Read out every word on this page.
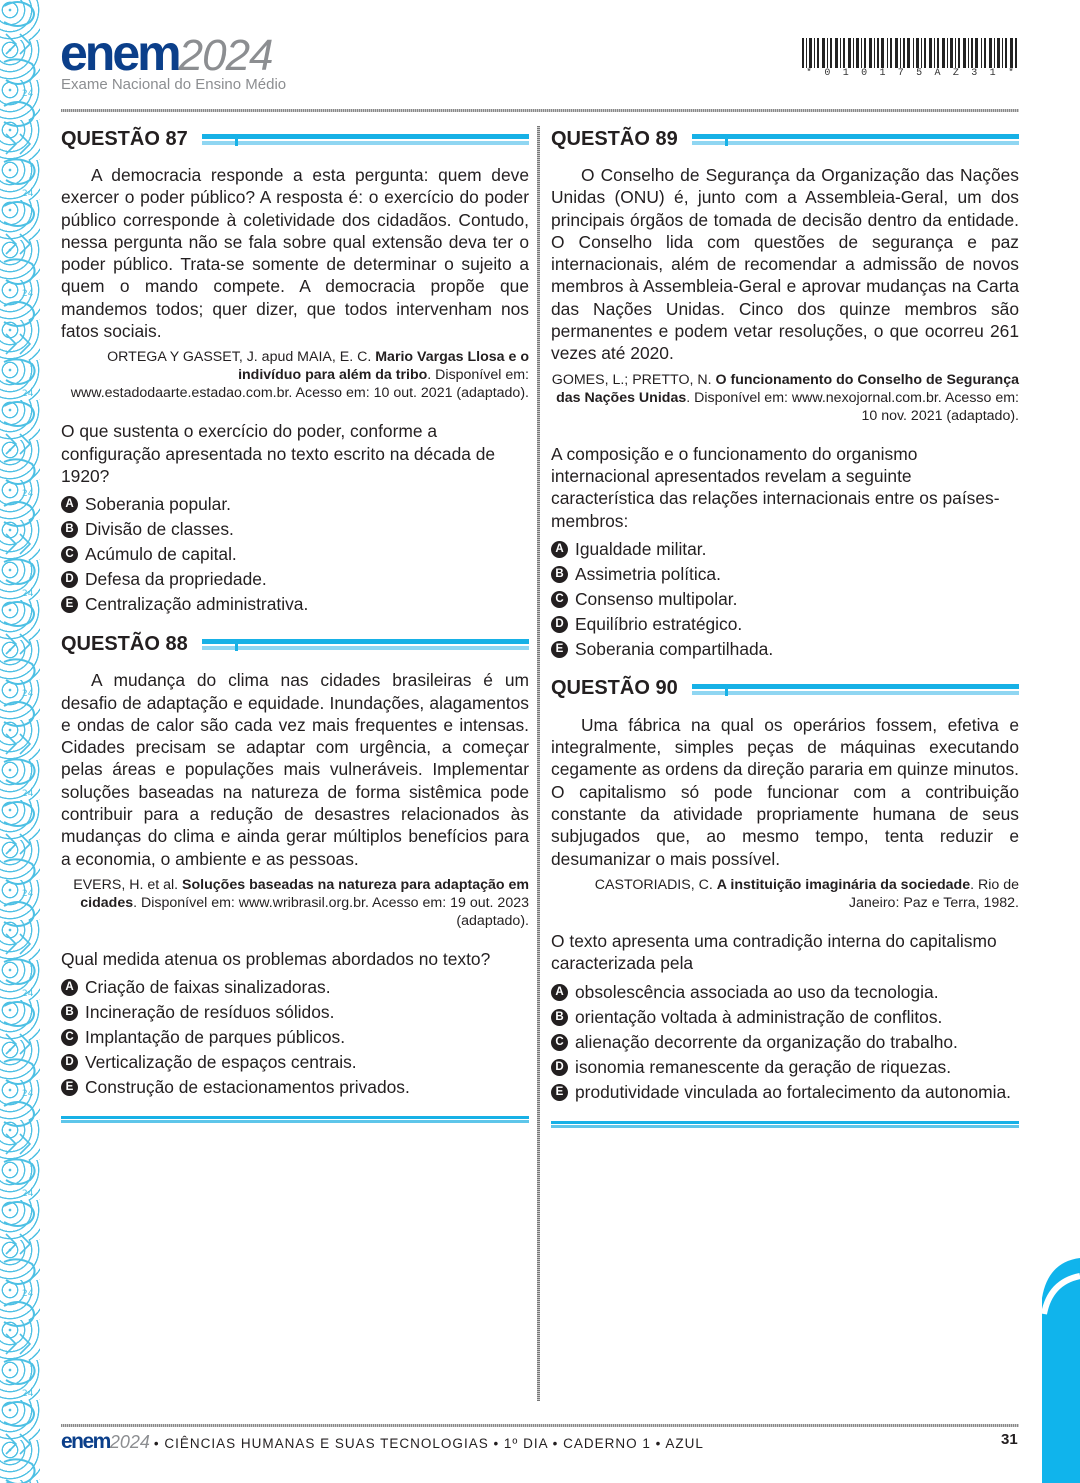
enem2024
Exame Nacional do Ensino Médio
* 0 1 0 1 7 5 A Z 3 1 *
QUESTÃO 87

A democracia responde a esta pergunta: quem deve exercer o poder público? A resposta é: o exercício do poder público corresponde à coletividade dos cidadãos. Contudo, nessa pergunta não se fala sobre qual extensão deva ter o poder público. Trata-se somente de determinar o sujeito a quem o mando compete. A democracia propõe que mandemos todos; quer dizer, que todos intervenham nos fatos sociais.

ORTEGA Y GASSET, J. apud MAIA, E. C. Mario Vargas Llosa e o indivíduo para além da tribo. Disponível em: www.estadodaarte.estadao.com.br. Acesso em: 10 out. 2021 (adaptado).

O que sustenta o exercício do poder, conforme a configuração apresentada no texto escrito na década de 1920?

A Soberania popular.
B Divisão de classes.
C Acúmulo de capital.
D Defesa da propriedade.
E Centralização administrativa.
QUESTÃO 88

A mudança do clima nas cidades brasileiras é um desafio de adaptação e equidade. Inundações, alagamentos e ondas de calor são cada vez mais frequentes e intensas. Cidades precisam se adaptar com urgência, a começar pelas áreas e populações mais vulneráveis. Implementar soluções baseadas na natureza de forma sistêmica pode contribuir para a redução de desastres relacionados às mudanças do clima e ainda gerar múltiplos benefícios para a economia, o ambiente e as pessoas.

EVERS, H. et al. Soluções baseadas na natureza para adaptação em cidades. Disponível em: www.wribrasil.org.br. Acesso em: 19 out. 2023 (adaptado).

Qual medida atenua os problemas abordados no texto?

A Criação de faixas sinalizadoras.
B Incineração de resíduos sólidos.
C Implantação de parques públicos.
D Verticalização de espaços centrais.
E Construção de estacionamentos privados.
QUESTÃO 89

O Conselho de Segurança da Organização das Nações Unidas (ONU) é, junto com a Assembleia-Geral, um dos principais órgãos de tomada de decisão dentro da entidade. O Conselho lida com questões de segurança e paz internacionais, além de recomendar a admissão de novos membros à Assembleia-Geral e aprovar mudanças na Carta das Nações Unidas. Cinco dos quinze membros são permanentes e podem vetar resoluções, o que ocorreu 261 vezes até 2020.

GOMES, L.; PRETTO, N. O funcionamento do Conselho de Segurança das Nações Unidas. Disponível em: www.nexojornal.com.br. Acesso em: 10 nov. 2021 (adaptado).

A composição e o funcionamento do organismo internacional apresentados revelam a seguinte característica das relações internacionais entre os países-membros:

A Igualdade militar.
B Assimetria política.
C Consenso multipolar.
D Equilíbrio estratégico.
E Soberania compartilhada.
QUESTÃO 90

Uma fábrica na qual os operários fossem, efetiva e integralmente, simples peças de máquinas executando cegamente as ordens da direção pararia em quinze minutos. O capitalismo só pode funcionar com a contribuição constante da atividade propriamente humana de seus subjugados que, ao mesmo tempo, tenta reduzir e desumanizar o mais possível.

CASTORIADIS, C. A instituição imaginária da sociedade. Rio de Janeiro: Paz e Terra, 1982.

O texto apresenta uma contradição interna do capitalismo caracterizada pela

A obsolescência associada ao uso da tecnologia.
B orientação voltada à administração de conflitos.
C alienação decorrente da organização do trabalho.
D isonomia remanescente da geração de riquezas.
E produtividade vinculada ao fortalecimento da autonomia.
enem 2024 • CIÊNCIAS HUMANAS E SUAS TECNOLOGIAS • 1º DIA • CADERNO 1 • AZUL	31
